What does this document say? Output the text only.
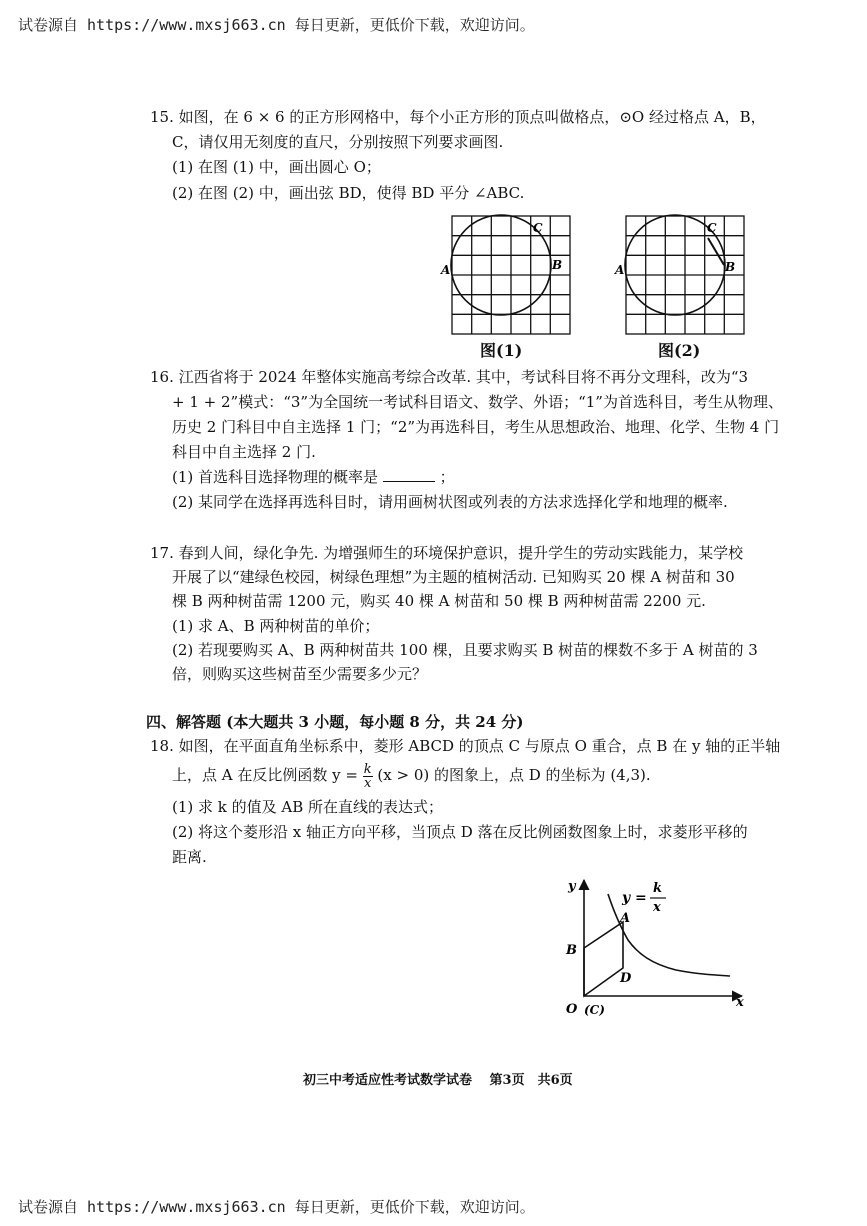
试卷源自 https://www.mxsj663.cn 每日更新，更低价下载，欢迎访问。
15. 如图，在 6 × 6 的正方形网格中，每个小正方形的顶点叫做格点，⊙O 经过格点 A，B，
C，请仅用无刻度的直尺，分别按照下列要求画图.
(1) 在图 (1) 中，画出圆心 O；
(2) 在图 (2) 中，画出弦 BD，使得 BD 平分 ∠ABC.
A	B
C
图(1)
A	B
C
图(2)
16. 江西省将于 2024 年整体实施高考综合改革. 其中，考试科目将不再分文理科，改为“3
+ 1 + 2”模式：“3”为全国统一考试科目语文、数学、外语；“1”为首选科目，考生从物理、
历史 2 门科目中自主选择 1 门；“2”为再选科目，考生从思想政治、地理、化学、生物 4 门
科目中自主选择 2 门.
(1) 首选科目选择物理的概率是	；
(2) 某同学在选择再选科目时，请用画树状图或列表的方法求选择化学和地理的概率.
17. 春到人间，绿化争先. 为增强师生的环境保护意识，提升学生的劳动实践能力，某学校
开展了以“建绿色校园，树绿色理想”为主题的植树活动. 已知购买 20 棵 A 树苗和 30
棵 B 两种树苗需 1200 元，购买 40 棵 A 树苗和 50 棵 B 两种树苗需 2200 元.
(1) 求 A、B 两种树苗的单价；
(2) 若现要购买 A、B 两种树苗共 100 棵，且要求购买 B 树苗的棵数不多于 A 树苗的 3
倍，则购买这些树苗至少需要多少元？
四、解答题 (本大题共 3 小题，每小题 8 分，共 24 分)
18. 如图，在平面直角坐标系中，菱形 ABCD 的顶点 C 与原点 O 重合，点 B 在 y 轴的正半轴
上，点 A 在反比例函数 $y = \frac{k}{x} (x > 0)$ 的图象上，点 D 的坐标为 (4,3).
(1) 求 k 的值及 AB 所在直线的表达式；
(2) 将这个菱形沿 x 轴正方向平移，当顶点 D 落在反比例函数图象上时，求菱形平移的
距离.
y
x
O (C)
A
B
D
y =
k
x
初三中考适应性考试数学试卷　 第3页　共6页
试卷源自 https://www.mxsj663.cn 每日更新，更低价下载，欢迎访问。
